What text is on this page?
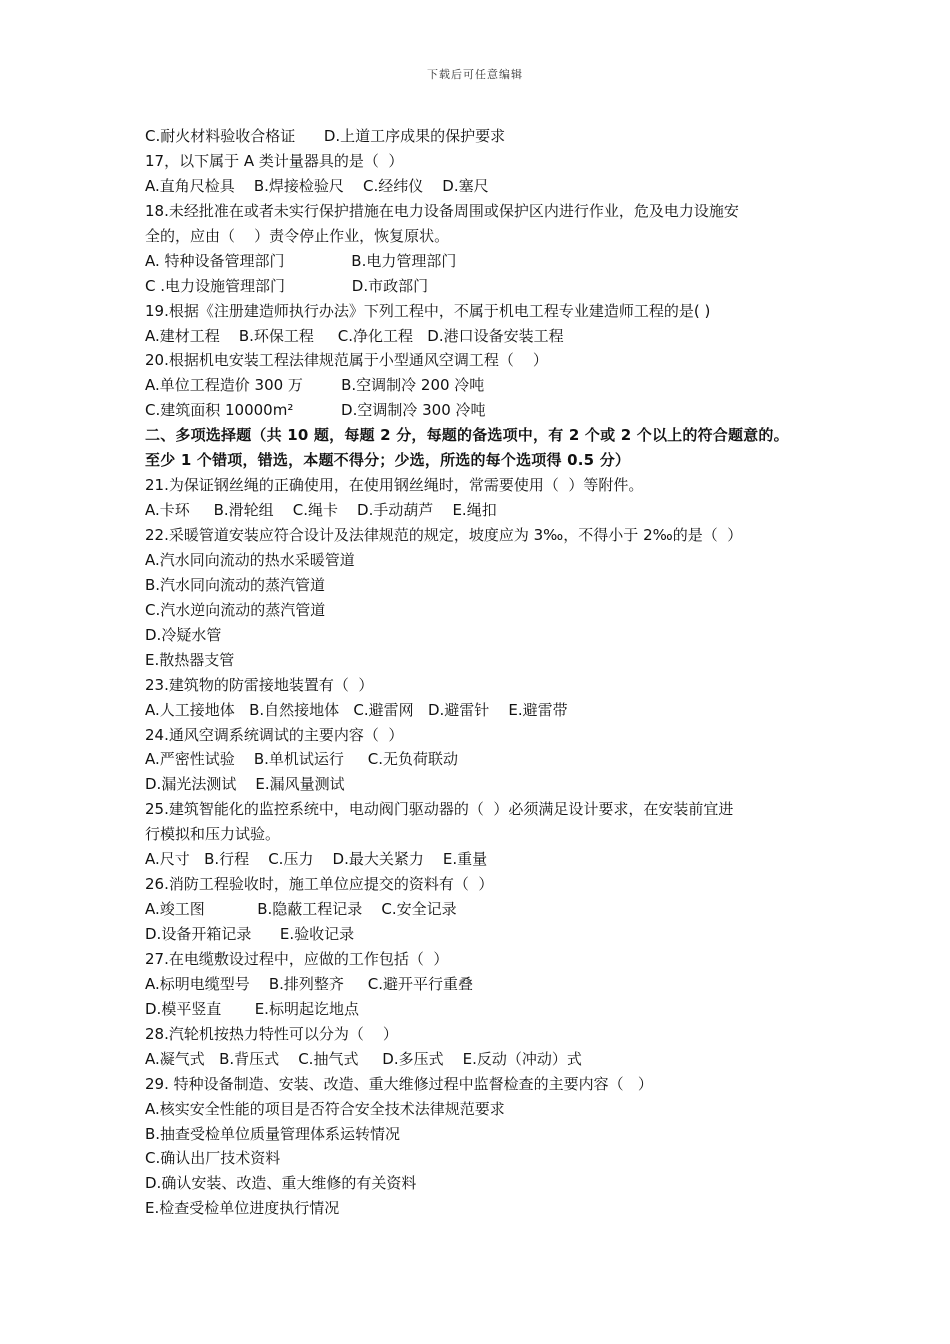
下载后可任意编辑
C.耐火材料验收合格证      D.上道工序成果的保护要求
17，以下属于 A 类计量器具的是（  ）
A.直角尺检具    B.焊接检验尺    C.经纬仪    D.塞尺
18.未经批准在或者未实行保护措施在电力设备周围或保护区内进行作业，危及电力设施安
全的，应由（    ）责令停止作业，恢复原状。
A. 特种设备管理部门              B.电力管理部门
C .电力设施管理部门              D.市政部门
19.根据《注册建造师执行办法》下列工程中，不属于机电工程专业建造师工程的是( )
A.建材工程    B.环保工程     C.净化工程   D.港口设备安装工程
20.根据机电安装工程法律规范属于小型通风空调工程（    ）
A.单位工程造价 300 万        B.空调制冷 200 冷吨
C.建筑面积 10000m²          D.空调制冷 300 冷吨
二、多项选择题（共 10 题，每题 2 分，每题的备选项中，有 2 个或 2 个以上的符合题意的。
至少 1 个错项，错选，本题不得分；少选，所选的每个选项得 0.5 分）
21.为保证钢丝绳的正确使用，在使用钢丝绳时，常需要使用（  ）等附件。
A.卡环     B.滑轮组    C.绳卡    D.手动葫芦    E.绳扣
22.采暖管道安装应符合设计及法律规范的规定，坡度应为 3‰，不得小于 2‰的是（  ）
A.汽水同向流动的热水采暖管道
B.汽水同向流动的蒸汽管道
C.汽水逆向流动的蒸汽管道
D.冷疑水管
E.散热器支管
23.建筑物的防雷接地装置有（  ）
A.人工接地体   B.自然接地体   C.避雷网   D.避雷针    E.避雷带
24.通风空调系统调试的主要内容（  ）
A.严密性试验    B.单机试运行     C.无负荷联动
D.漏光法测试    E.漏风量测试
25.建筑智能化的监控系统中，电动阀门驱动器的（  ）必须满足设计要求，在安装前宜进
行模拟和压力试验。
A.尺寸   B.行程    C.压力    D.最大关紧力    E.重量
26.消防工程验收时，施工单位应提交的资料有（  ）
A.竣工图           B.隐蔽工程记录    C.安全记录
D.设备开箱记录      E.验收记录
27.在电缆敷设过程中，应做的工作包括（  ）
A.标明电缆型号    B.排列整齐     C.避开平行重叠
D.模平竖直       E.标明起讫地点
28.汽轮机按热力特性可以分为（    ）
A.凝气式   B.背压式    C.抽气式     D.多压式    E.反动（冲动）式
29. 特种设备制造、安装、改造、重大维修过程中监督检查的主要内容（   ）
A.核实安全性能的项目是否符合安全技术法律规范要求
B.抽查受检单位质量管理体系运转情况
C.确认出厂技术资料
D.确认安装、改造、重大维修的有关资料
E.检查受检单位进度执行情况
